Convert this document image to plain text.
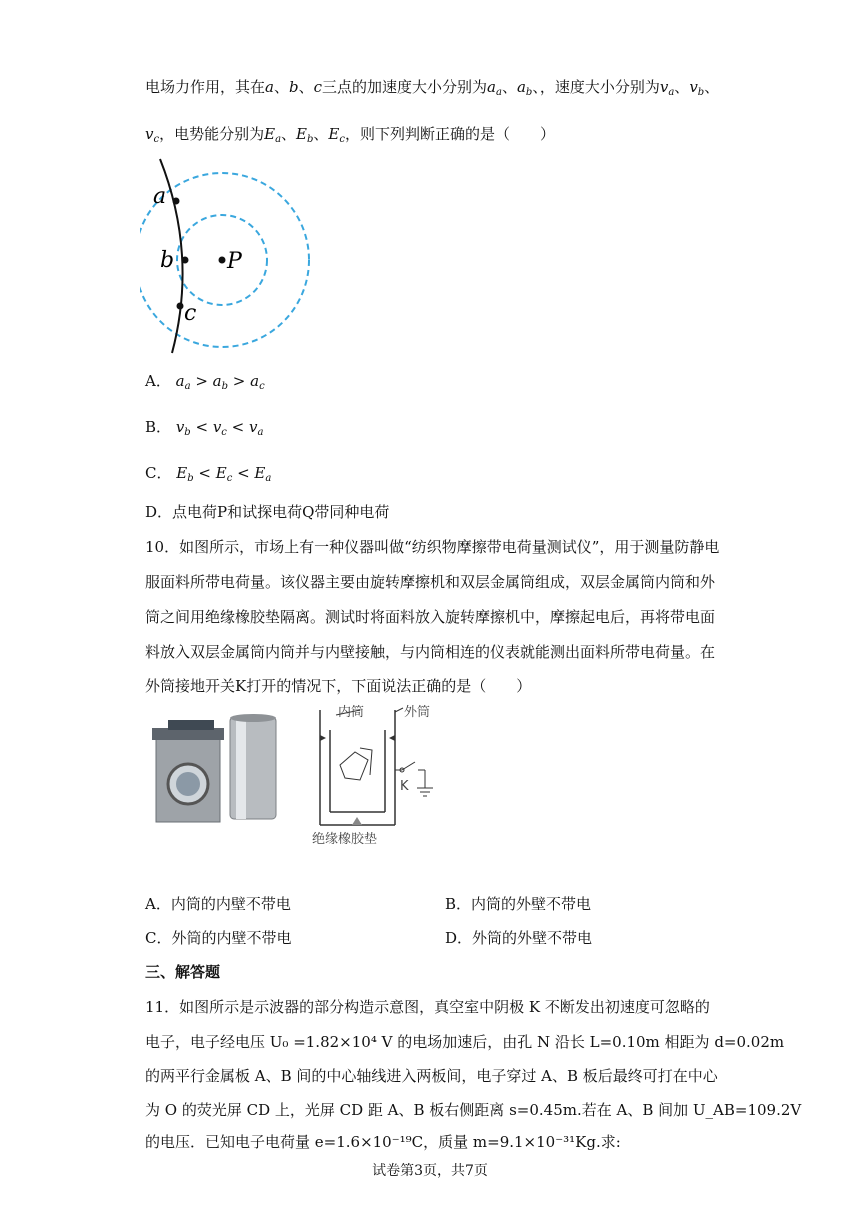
电场力作用，其在a、b、c三点的加速度大小分别为$a_a$、$a_b$、，速度大小分别为$v_a$、$v_b$、
$v_c$，电势能分别为$E_a$、$E_b$、$E_c$，则下列判断正确的是（　　）
a
b
c
P
A． $a_a > a_b > a_c$
B． $v_b < v_c < v_a$
C． $E_b < E_c < E_a$
D．点电荷P和试探电荷Q带同种电荷
10．如图所示，市场上有一种仪器叫做“纺织物摩擦带电荷量测试仪”，用于测量防静电
服面料所带电荷量。该仪器主要由旋转摩擦机和双层金属筒组成，双层金属筒内筒和外
筒之间用绝缘橡胶垫隔离。测试时将面料放入旋转摩擦机中，摩擦起电后，再将带电面
料放入双层金属筒内筒并与内壁接触，与内筒相连的仪表就能测出面料所带电荷量。在
外筒接地开关K打开的情况下，下面说法正确的是（　　）
内筒	外筒
K
绝缘橡胶垫
A．内筒的内壁不带电	B．内筒的外壁不带电
C．外筒的内壁不带电	D．外筒的外壁不带电
三、解答题
11．如图所示是示波器的部分构造示意图，真空室中阴极 K 不断发出初速度可忽略的
电子，电子经电压 U₀ =1.82×10⁴ V 的电场加速后，由孔 N 沿长 L=0.10m 相距为 d=0.02m
的两平行金属板 A、B 间的中心轴线进入两板间，电子穿过 A、B 板后最终可打在中心
为 O 的荧光屏 CD 上，光屏 CD 距 A、B 板右侧距离 s=0.45m.若在 A、B 间加 U_AB=109.2V
的电压．已知电子电荷量 e=1.6×10⁻¹⁹C，质量 m=9.1×10⁻³¹Kg.求:
试卷第3页，共7页
